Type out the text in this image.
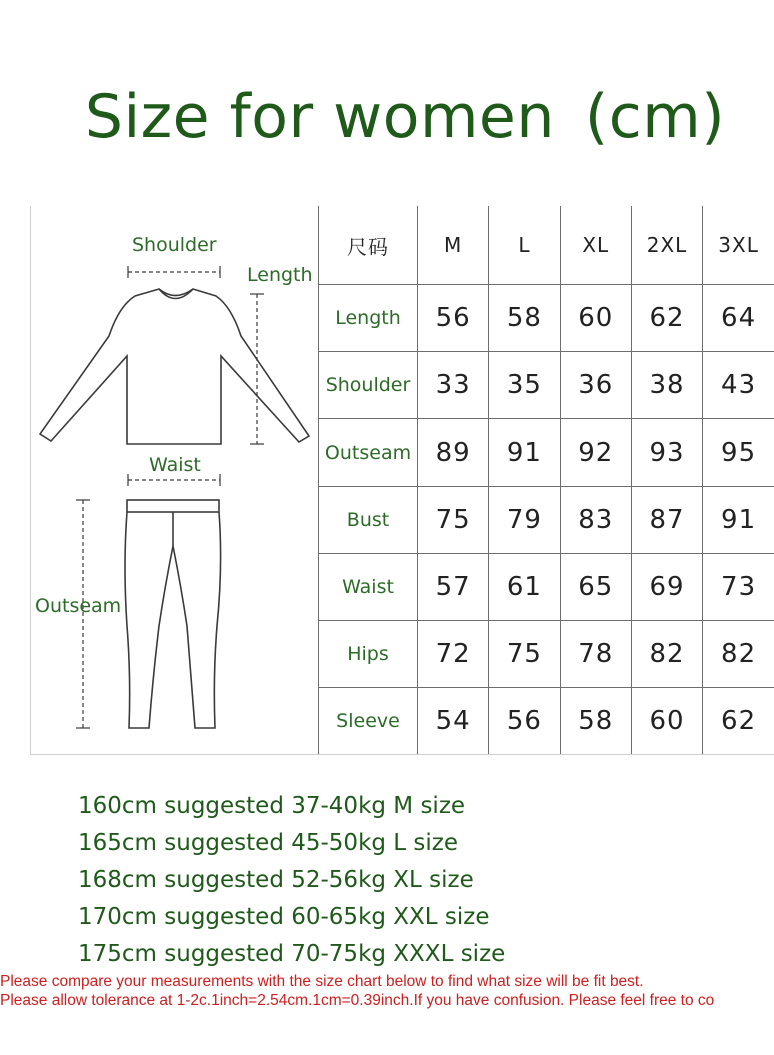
Size for women (cm)
Shoulder
Length
Waist
Outseam
尺码	M	L	XL	2XL	3XL
Length	56	58	60	62	64
Shoulder	33	35	36	38	43
Outseam	89	91	92	93	95
Bust	75	79	83	87	91
Waist	57	61	65	69	73
Hips	72	75	78	82	82
Sleeve	54	56	58	60	62
160cm suggested 37-40kg M size
165cm suggested 45-50kg L size
168cm suggested 52-56kg XL size
170cm suggested 60-65kg XXL size
175cm suggested 70-75kg XXXL size
Please compare your measurements with the size chart below to find what size will be fit best.
Please allow tolerance at 1-2c.1inch=2.54cm.1cm=0.39inch.If you have confusion. Please feel free to co
